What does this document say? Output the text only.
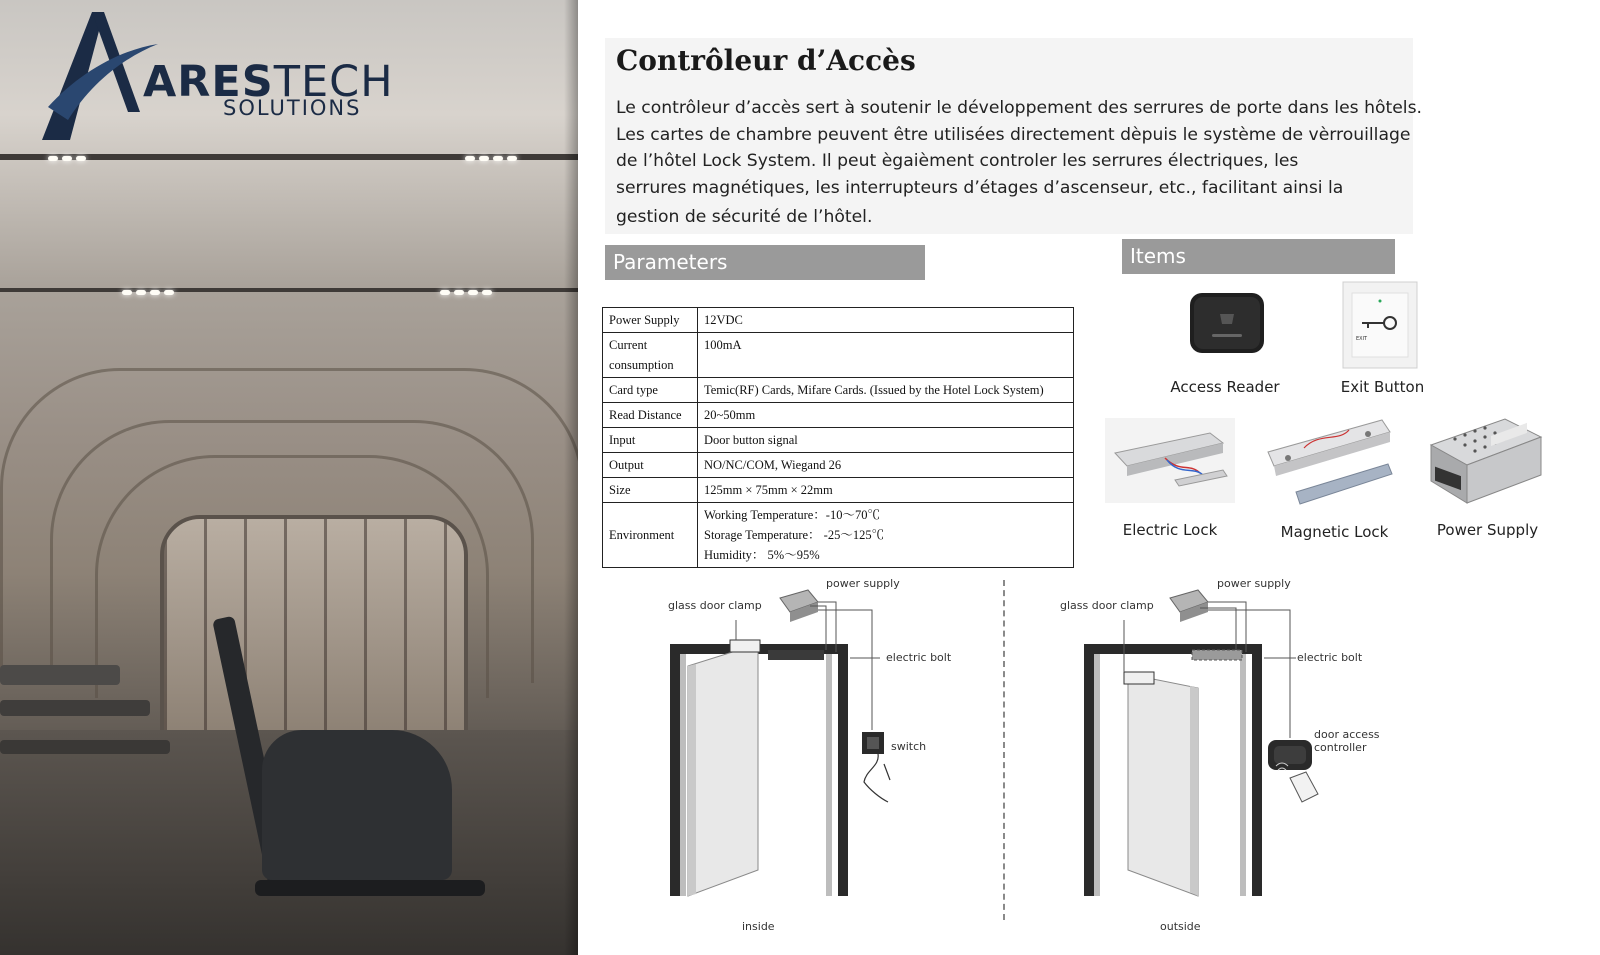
ARESTECH
SOLUTIONS
Contrôleur d’Accès
Le contrôleur d’accès sert à soutenir le développement des serrures de porte dans les hôtels.
Les cartes de chambre peuvent être utilisées directement dèpuis le système de vèrrouillage
de l’hôtel Lock System. Il peut ègaièment controler les serrures électriques, les
serrures magnétiques, les interrupteurs d’étages d’ascenseur, etc., facilitant ainsi la
gestion de sécurité de l’hôtel.
Parameters
Power Supply	12VDC

Current
consumption	100mA

Card type	Temic(RF) Cards, Mifare Cards. (Issued by the Hotel Lock System)

Read Distance	20~50mm

Input	Door button signal

Output	NO/NC/COM, Wiegand 26

Size	125mm × 75mm × 22mm

Environment	Working Temperature：-10～70℃
Storage Temperature： -25～125℃
Humidity： 5%～95%
Items
Access Reader
EXIT
Exit Button
Electric Lock	Magnetic Lock	Power Supply
glass door clamp
power supply
electric bolt
switch
inside
glass door clamp
power supply
electric bolt
door access
controller
outside
